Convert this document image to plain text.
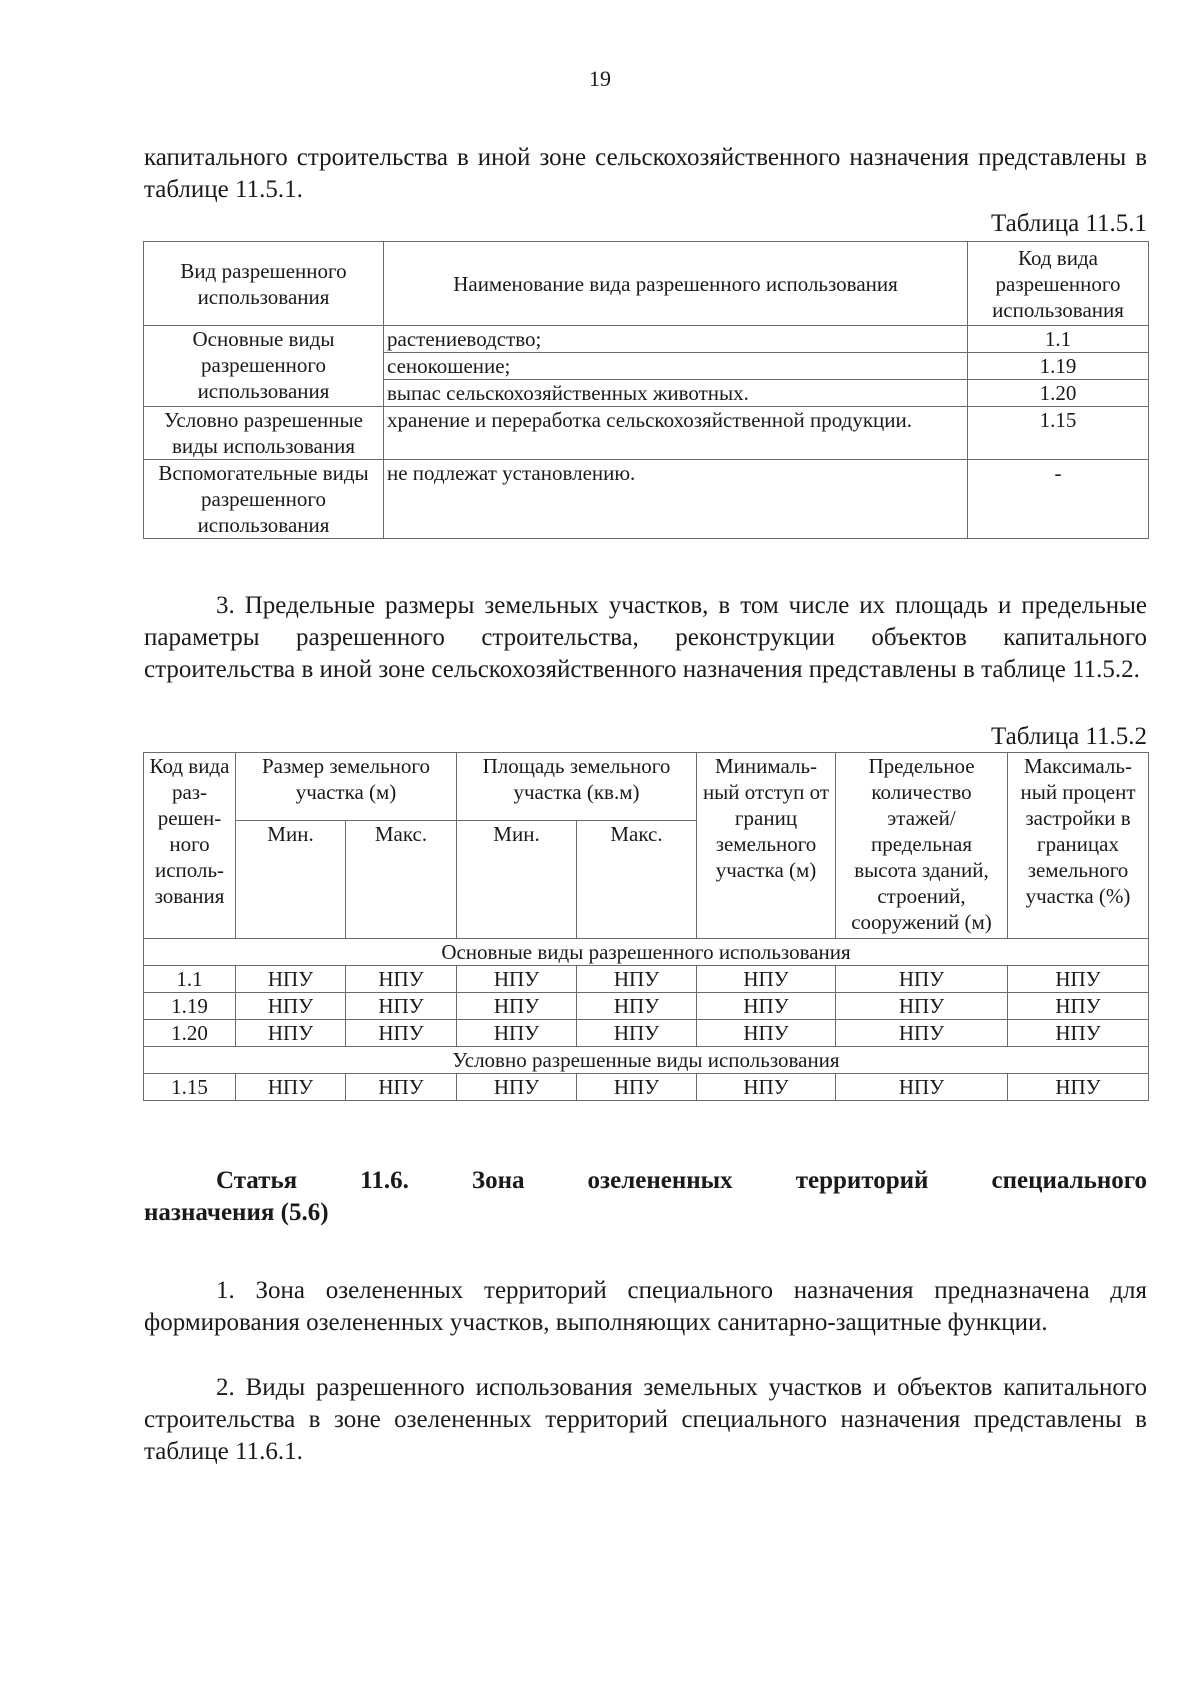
19

капитального строительства в иной зоне сельскохозяйственного назначения представлены в таблице 11.5.1.

Таблица 11.5.1
Вид разрешенного использования	Наименование вида разрешенного использования	Код вида разрешенного использования
Основные виды разрешенного использования	растениеводство;	1.1
	сенокошение;	1.19
	выпас сельскохозяйственных животных.	1.20
Условно разрешенные виды использования	хранение и переработка сельскохозяйственной продукции.	1.15
Вспомогательные виды разрешенного использования	не подлежат установлению.	-

3. Предельные размеры земельных участков, в том числе их площадь и предельные параметры разрешенного строительства, реконструкции объектов капитального строительства в иной зоне сельскохозяйственного назначения представлены в таблице 11.5.2.

Таблица 11.5.2
Код вида раз-решен-ного исполь-зования	Размер земельного участка (м)		Площадь земельного участка (кв.м)		Минималь-ный отступ от границ земельного участка (м)	Предельное количество этажей/ предельная высота зданий, строений, сооружений (м)	Максималь-ный процент застройки в границах земельного участка (%)
	Мин.	Макс.	Мин.	Макс.			
Основные виды разрешенного использования							
1.1	НПУ	НПУ	НПУ	НПУ	НПУ	НПУ	НПУ
1.19	НПУ	НПУ	НПУ	НПУ	НПУ	НПУ	НПУ
1.20	НПУ	НПУ	НПУ	НПУ	НПУ	НПУ	НПУ
Условно разрешенные виды использования							
1.15	НПУ	НПУ	НПУ	НПУ	НПУ	НПУ	НПУ
Статья 11.6. Зона озелененных территорий специального
назначения (5.6)

1. Зона озелененных территорий специального назначения предназначена для формирования озелененных участков, выполняющих санитарно-защитные функции.

2. Виды разрешенного использования земельных участков и объектов капитального строительства в зоне озелененных территорий специального назначения представлены в таблице 11.6.1.
